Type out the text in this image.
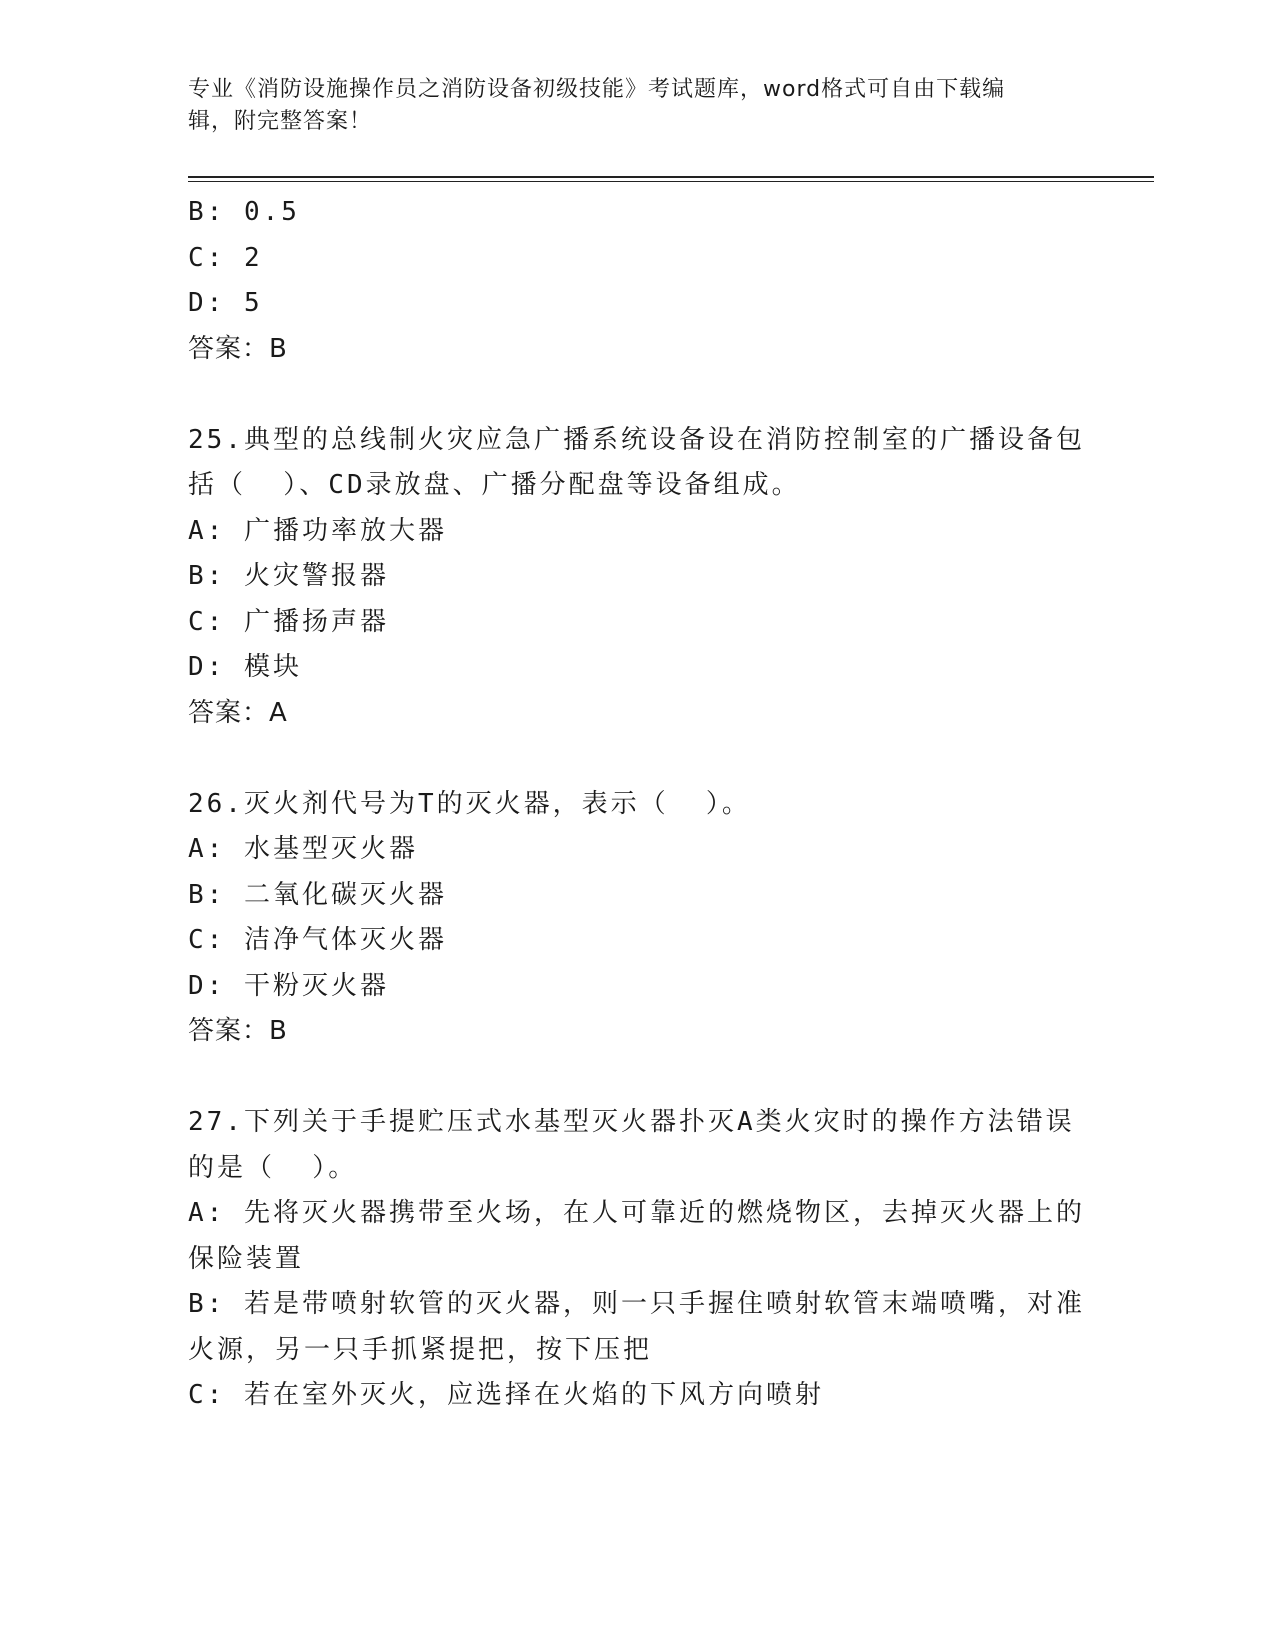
专业《消防设施操作员之消防设备初级技能》考试题库，word格式可自由下载编
辑，附完整答案！
B: 0.5
C: 2
D: 5
答案：B
25.典型的总线制火灾应急广播系统设备设在消防控制室的广播设备包
括（  ）、CD录放盘、广播分配盘等设备组成。
A: 广播功率放大器
B: 火灾警报器
C: 广播扬声器
D: 模块
答案：A
26.灭火剂代号为T的灭火器，表示（  ）。
A: 水基型灭火器
B: 二氧化碳灭火器
C: 洁净气体灭火器
D: 干粉灭火器
答案：B
27.下列关于手提贮压式水基型灭火器扑灭A类火灾时的操作方法错误
的是（  ）。
A: 先将灭火器携带至火场，在人可靠近的燃烧物区，去掉灭火器上的
保险装置
B: 若是带喷射软管的灭火器，则一只手握住喷射软管末端喷嘴，对准
火源，另一只手抓紧提把，按下压把
C: 若在室外灭火，应选择在火焰的下风方向喷射
